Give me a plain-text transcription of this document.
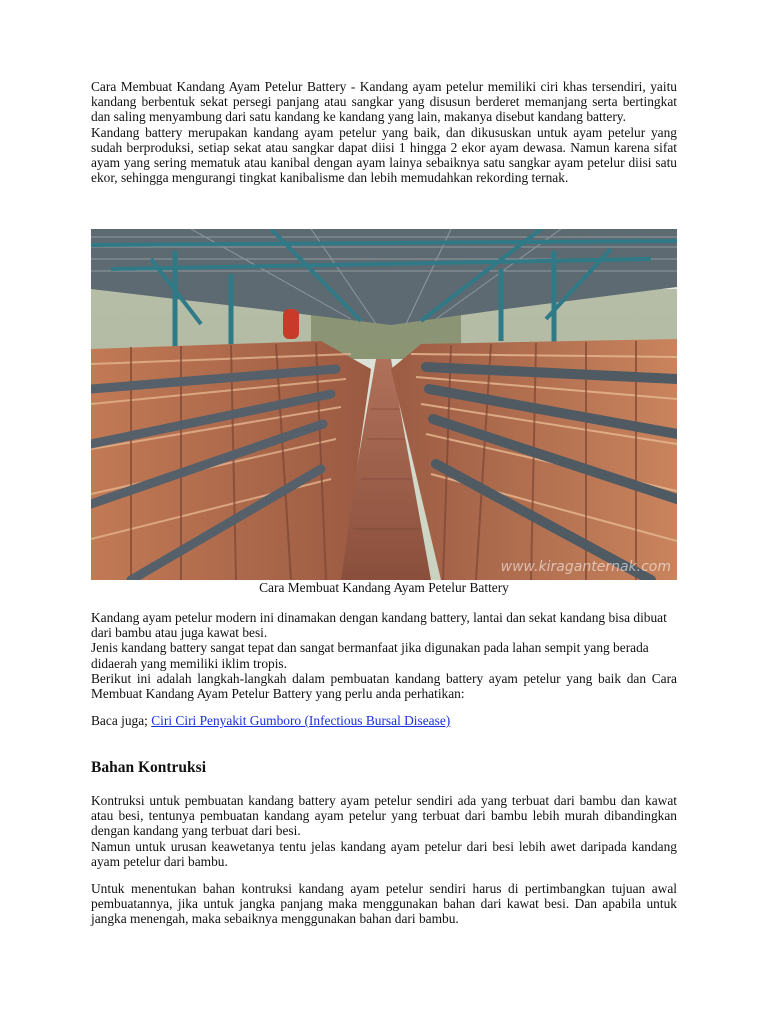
Cara Membuat Kandang Ayam Petelur Battery - Kandang ayam petelur memiliki ciri khas tersendiri, yaitu kandang berbentuk sekat persegi panjang atau sangkar yang disusun berderet memanjang serta bertingkat dan saling menyambung dari satu kandang ke kandang yang lain, makanya disebut kandang battery.

Kandang battery merupakan kandang ayam petelur yang baik, dan dikususkan untuk ayam petelur yang sudah berproduksi, setiap sekat atau sangkar dapat diisi 1 hingga 2 ekor ayam dewasa. Namun karena sifat ayam yang sering mematuk atau kanibal dengan ayam lainya sebaiknya satu sangkar ayam petelur diisi satu ekor, sehingga mengurangi tingkat kanibalisme dan lebih memudahkan rekording ternak.

www.kiraganternak.com
Cara Membuat Kandang Ayam Petelur Battery

Kandang ayam petelur modern ini dinamakan dengan kandang battery, lantai dan sekat kandang bisa dibuat dari bambu atau juga kawat besi.

Jenis kandang battery sangat tepat dan sangat bermanfaat jika digunakan pada lahan sempit yang berada didaerah yang memiliki iklim tropis.

Berikut ini adalah langkah-langkah dalam pembuatan kandang battery ayam petelur yang baik dan Cara Membuat Kandang Ayam Petelur Battery yang perlu anda perhatikan:

Baca juga; Ciri Ciri Penyakit Gumboro (Infectious Bursal Disease)
Bahan Kontruksi

Kontruksi untuk pembuatan kandang battery ayam petelur sendiri ada yang terbuat dari bambu dan kawat atau besi, tentunya pembuatan kandang ayam petelur yang terbuat dari bambu lebih murah dibandingkan dengan kandang yang terbuat dari besi.

Namun untuk urusan keawetanya tentu jelas kandang ayam petelur dari besi lebih awet daripada kandang ayam petelur dari bambu.

Untuk menentukan bahan kontruksi kandang ayam petelur sendiri harus di pertimbangkan tujuan awal pembuatannya, jika untuk jangka panjang maka menggunakan bahan dari kawat besi. Dan apabila untuk jangka menengah, maka sebaiknya menggunakan bahan dari bambu.
